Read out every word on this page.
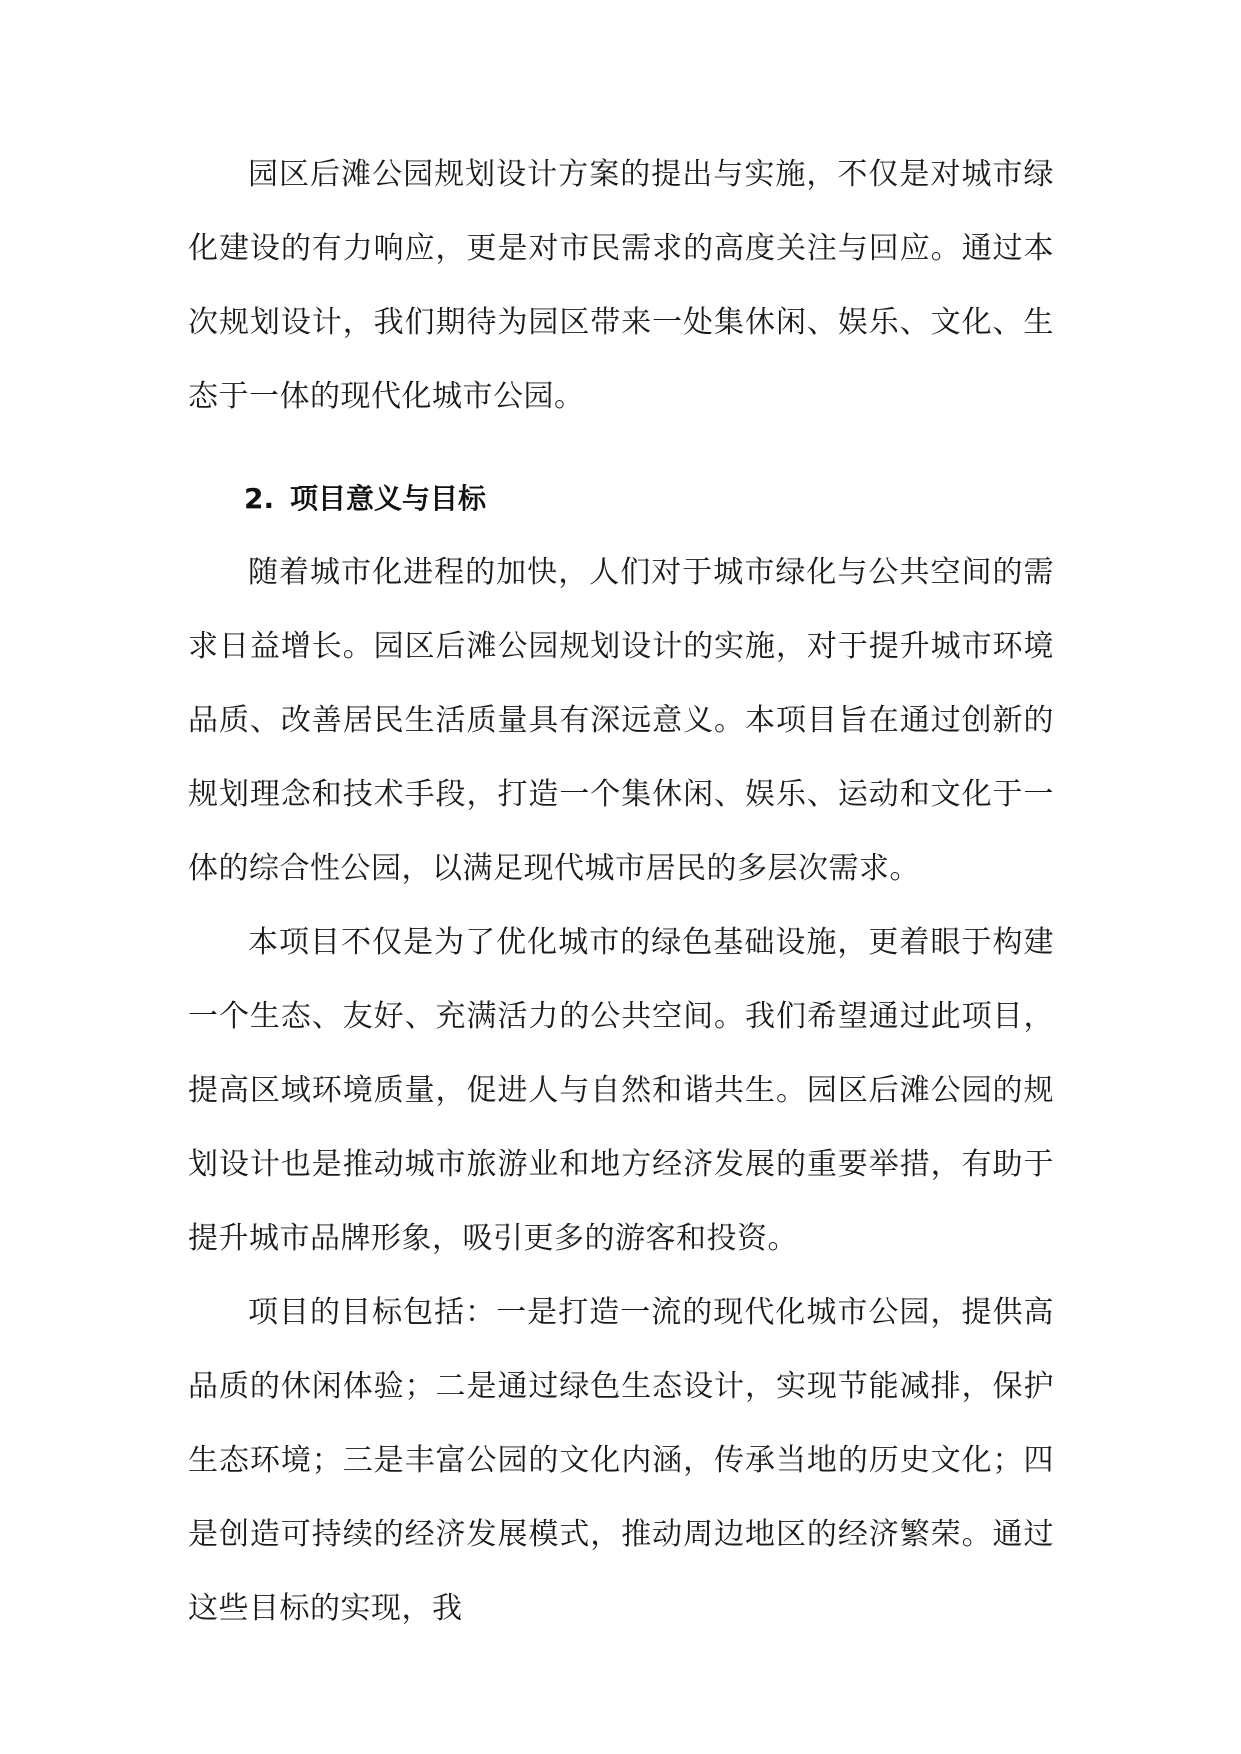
园区后滩公园规划设计方案的提出与实施，不仅是对城市绿化建设的有力响应，更是对市民需求的高度关注与回应。通过本次规划设计，我们期待为园区带来一处集休闲、娱乐、文化、生态于一体的现代化城市公园。

2. 项目意义与目标

随着城市化进程的加快，人们对于城市绿化与公共空间的需求日益增长。园区后滩公园规划设计的实施，对于提升城市环境品质、改善居民生活质量具有深远意义。本项目旨在通过创新的规划理念和技术手段，打造一个集休闲、娱乐、运动和文化于一体的综合性公园，以满足现代城市居民的多层次需求。

本项目不仅是为了优化城市的绿色基础设施，更着眼于构建一个生态、友好、充满活力的公共空间。我们希望通过此项目，提高区域环境质量，促进人与自然和谐共生。园区后滩公园的规划设计也是推动城市旅游业和地方经济发展的重要举措，有助于提升城市品牌形象，吸引更多的游客和投资。

项目的目标包括：一是打造一流的现代化城市公园，提供高品质的休闲体验；二是通过绿色生态设计，实现节能减排，保护生态环境；三是丰富公园的文化内涵，传承当地的历史文化；四是创造可持续的经济发展模式，推动周边地区的经济繁荣。通过这些目标的实现，我
